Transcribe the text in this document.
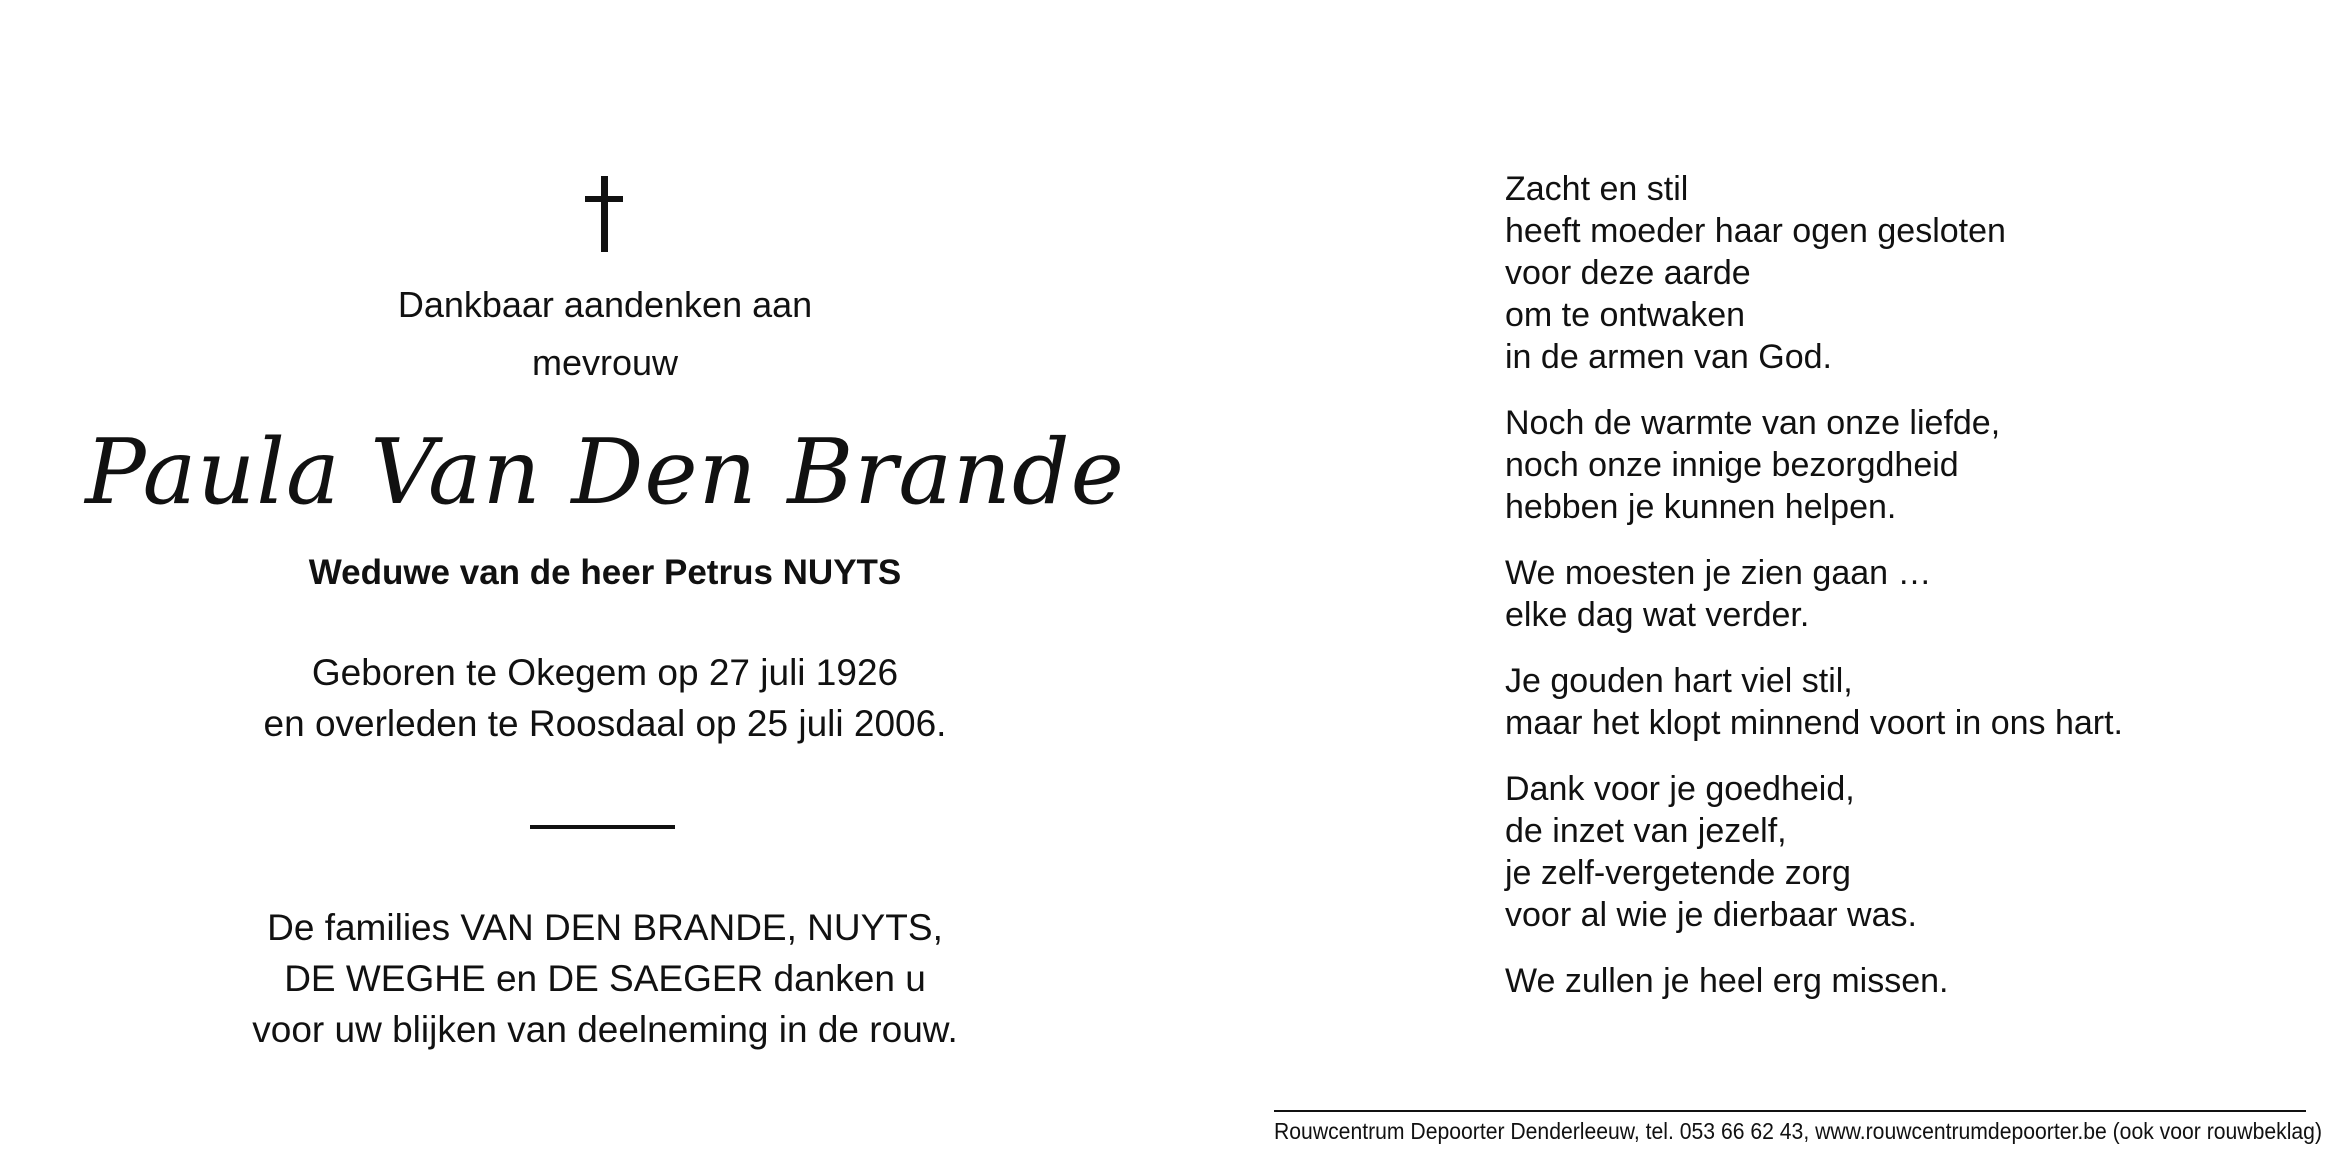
Dankbaar aandenken aan
mevrouw
Paula Van Den Brande
Weduwe van de heer Petrus NUYTS
Geboren te Okegem op 27 juli 1926
en overleden te Roosdaal op 25 juli 2006.
De families VAN DEN BRANDE, NUYTS,
DE WEGHE en DE SAEGER danken u
voor uw blijken van deelneming in de rouw.
Zacht en stil
heeft moeder haar ogen gesloten
voor deze aarde
om te ontwaken
in de armen van God.
Noch de warmte van onze liefde,
noch onze innige bezorgdheid
hebben je kunnen helpen.
We moesten je zien gaan …
elke dag wat verder.
Je gouden hart viel stil,
maar het klopt minnend voort in ons hart.
Dank voor je goedheid,
de inzet van jezelf,
je zelf-vergetende zorg
voor al wie je dierbaar was.
We zullen je heel erg missen.
Rouwcentrum Depoorter Denderleeuw, tel. 053 66 62 43, www.rouwcentrumdepoorter.be (ook voor rouwbeklag)
